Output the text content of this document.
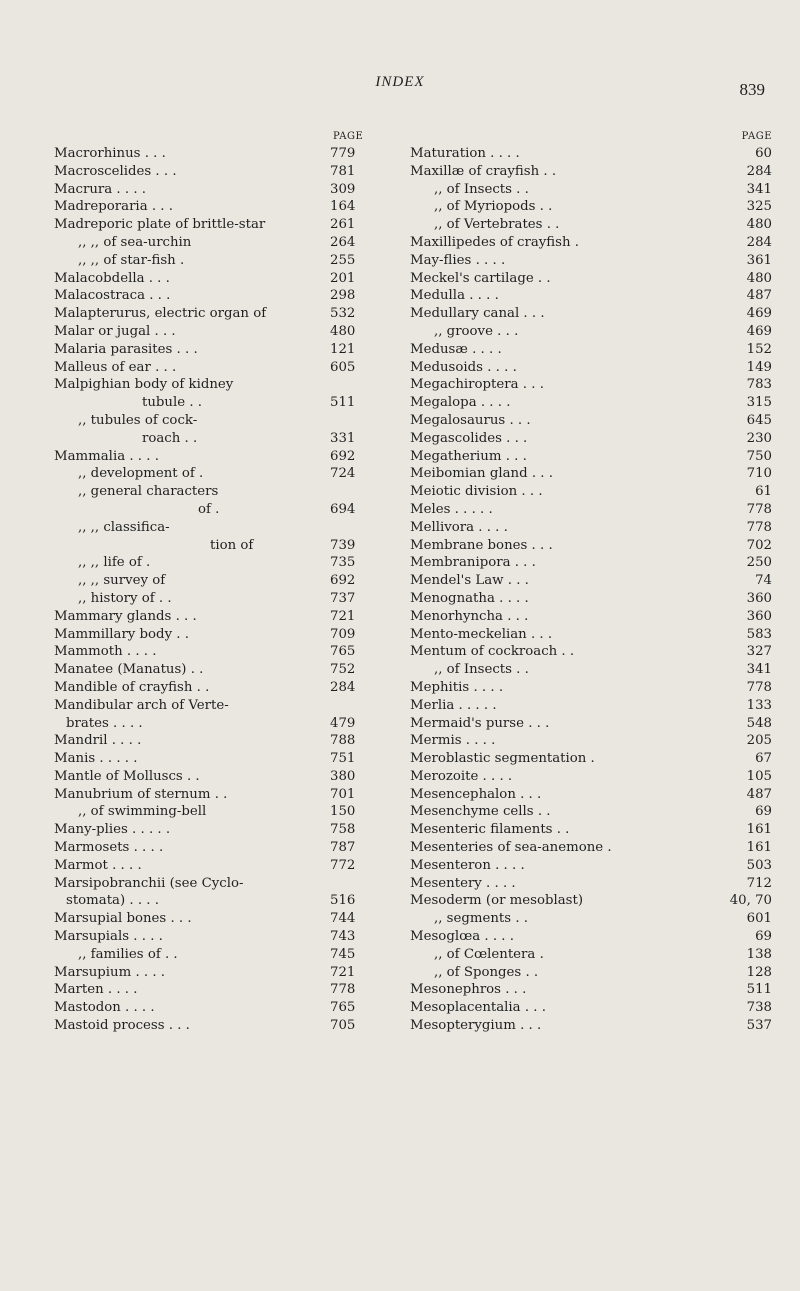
INDEX	839
PAGE
Macrorhinus . . .	779
Macroscelides . . .	781
Macrura . . . .	309
Madreporaria . . .	164
Madreporic plate of brittle-star	261
,, ,, of sea-urchin	264
,, ,, of star-fish .	255
Malacobdella . . .	201
Malacostraca . . .	298
Malapterurus, electric organ of	532
Malar or jugal . . .	480
Malaria parasites . . .	121
Malleus of ear . . .	605
Malpighian body of kidney
tubule . .	511
,, tubules of cock-
roach . .	331
Mammalia . . . .	692
,, development of .	724
,, general characters
of .	694
,, ,, classifica-
tion of	739
,, ,, life of .	735
,, ,, survey of	692
,, history of . .	737
Mammary glands . . .	721
Mammillary body . .	709
Mammoth . . . .	765
Manatee (Manatus) . .	752
Mandible of crayfish . .	284
Mandibular arch of Verte-
brates . . . .	479
Mandril . . . .	788
Manis . . . . .	751
Mantle of Molluscs . .	380
Manubrium of sternum . .	701
,, of swimming-bell	150
Many-plies . . . . .	758
Marmosets . . . .	787
Marmot . . . .	772
Marsipobranchii (see Cyclo-
stomata) . . . .	516
Marsupial bones . . .	744
Marsupials . . . .	743
,, families of . .	745
Marsupium . . . .	721
Marten . . . .	778
Mastodon . . . .	765
Mastoid process . . .	705
PAGE
Maturation . . . .	60
Maxillæ of crayfish . .	284
,, of Insects . .	341
,, of Myriopods . .	325
,, of Vertebrates . .	480
Maxillipedes of crayfish .	284
May-flies . . . .	361
Meckel's cartilage . .	480
Medulla . . . .	487
Medullary canal . . .	469
,, groove . . .	469
Medusæ . . . .	152
Medusoids . . . .	149
Megachiroptera . . .	783
Megalopa . . . .	315
Megalosaurus . . .	645
Megascolides . . .	230
Megatherium . . .	750
Meibomian gland . . .	710
Meiotic division . . .	61
Meles . . . . .	778
Mellivora . . . .	778
Membrane bones . . .	702
Membranipora . . .	250
Mendel's Law . . .	74
Menognatha . . . .	360
Menorhyncha . . .	360
Mento-meckelian . . .	583
Mentum of cockroach . .	327
,, of Insects . .	341
Mephitis . . . .	778
Merlia . . . . .	133
Mermaid's purse . . .	548
Mermis . . . .	205
Meroblastic segmentation .	67
Merozoite . . . .	105
Mesencephalon . . .	487
Mesenchyme cells . .	69
Mesenteric filaments . .	161
Mesenteries of sea-anemone .	161
Mesenteron . . . .	503
Mesentery . . . .	712
Mesoderm (or mesoblast)	40, 70
,, segments . .	601
Mesoglœa . . . .	69
,, of Cœlentera .	138
,, of Sponges . .	128
Mesonephros . . .	511
Mesoplacentalia . . .	738
Mesopterygium . . .	537
